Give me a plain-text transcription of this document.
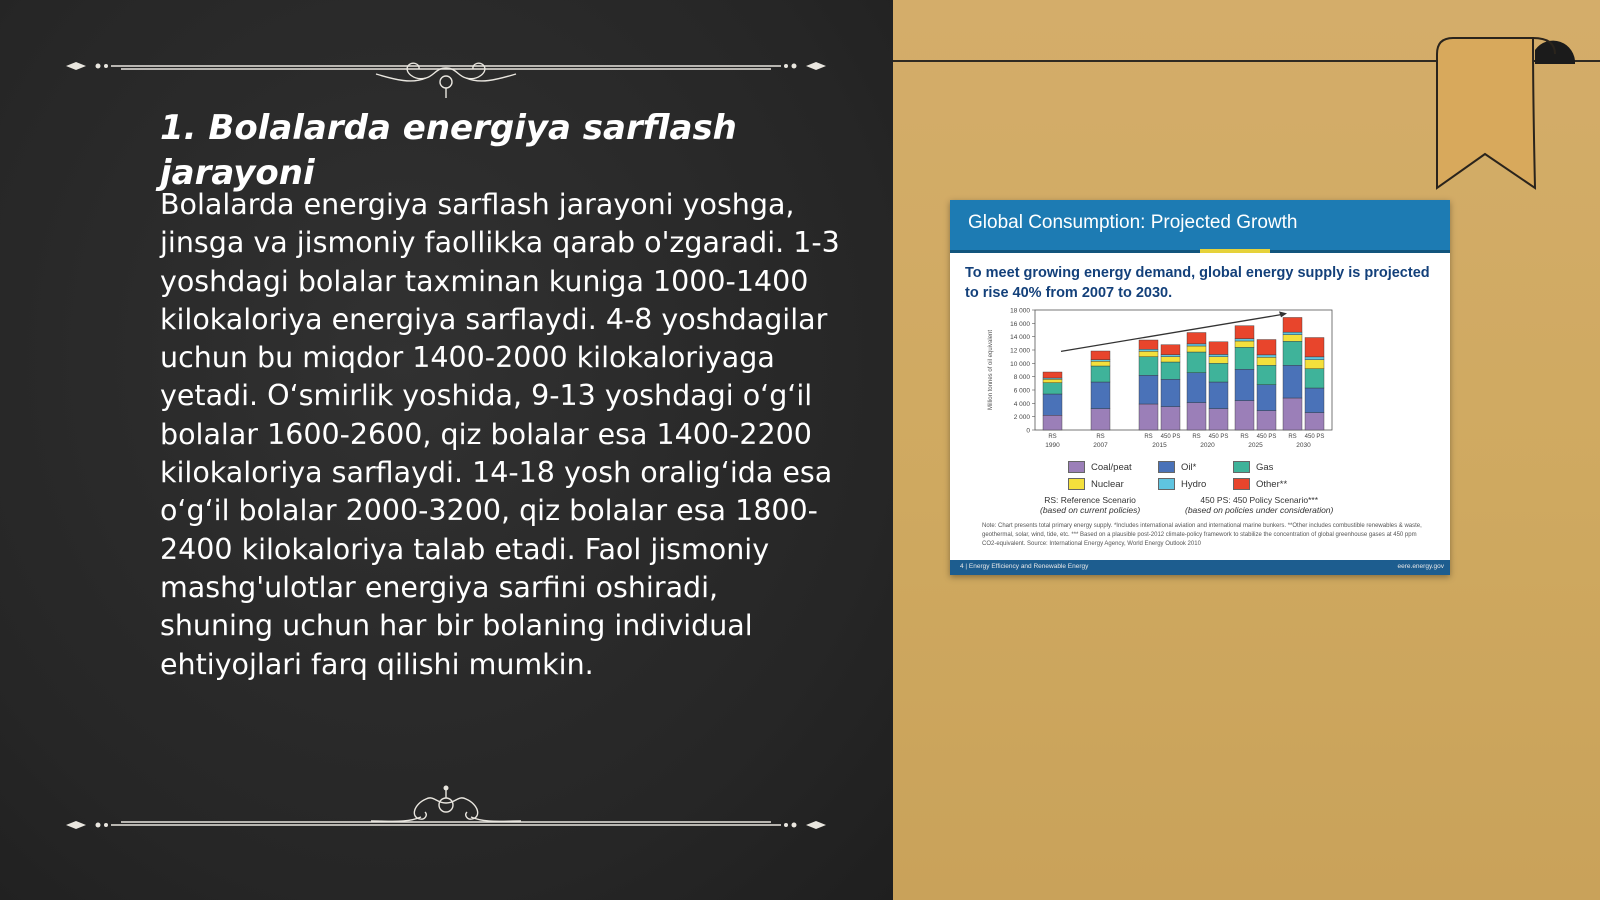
1. Bolalarda energiya sarflash jarayoni

Bolalarda energiya sarflash jarayoni yoshga, jinsga va jismoniy faollikka qarab o'zgaradi. 1-3 yoshdagi bolalar taxminan kuniga 1000-1400 kilokaloriya energiya sarflaydi. 4-8 yoshdagilar uchun bu miqdor 1400-2000 kilokaloriyaga yetadi. O‘smirlik yoshida, 9-13 yoshdagi o‘g‘il bolalar 1600-2600, qiz bolalar esa 1400-2200 kilokaloriya sarflaydi. 14-18 yosh oralig‘ida esa o‘g‘il bolalar 2000-3200, qiz bolalar esa 1800-2400 kilokaloriya talab etadi. Faol jismoniy mashg'ulotlar energiya sarfini oshiradi, shuning uchun har bir bolaning individual ehtiyojlari farq qilishi mumkin.

Global Consumption: Projected Growth

To meet growing energy demand, global energy supply is projected to rise 40% from 2007 to 2030.

0
2 000
4 000
6 000
8 000
10 000
12 000
14 000
16 000
18 000
Million tonnes of oil equivalent
RS
1990
RS
2007
RS 450 PS
2015
RS 450 PS
2020
RS 450 PS
2025
RS 450 PS
2030
Coal/peat	Oil*	Gas
Nuclear	Hydro	Other**
RS: Reference Scenario
(based on current policies)
450 PS: 450 Policy Scenario***
(based on policies under consideration)

Note: Chart presents total primary energy supply. *Includes international aviation and international marine bunkers. **Other includes combustible renewables & waste, geothermal, solar, wind, tide, etc. *** Based on a plausible post-2012 climate-policy framework to stabilize the concentration of global greenhouse gases at 450 ppm CO2-equivalent. Source: International Energy Agency, World Energy Outlook 2010

4 | Energy Efficiency and Renewable Energy	eere.energy.gov
